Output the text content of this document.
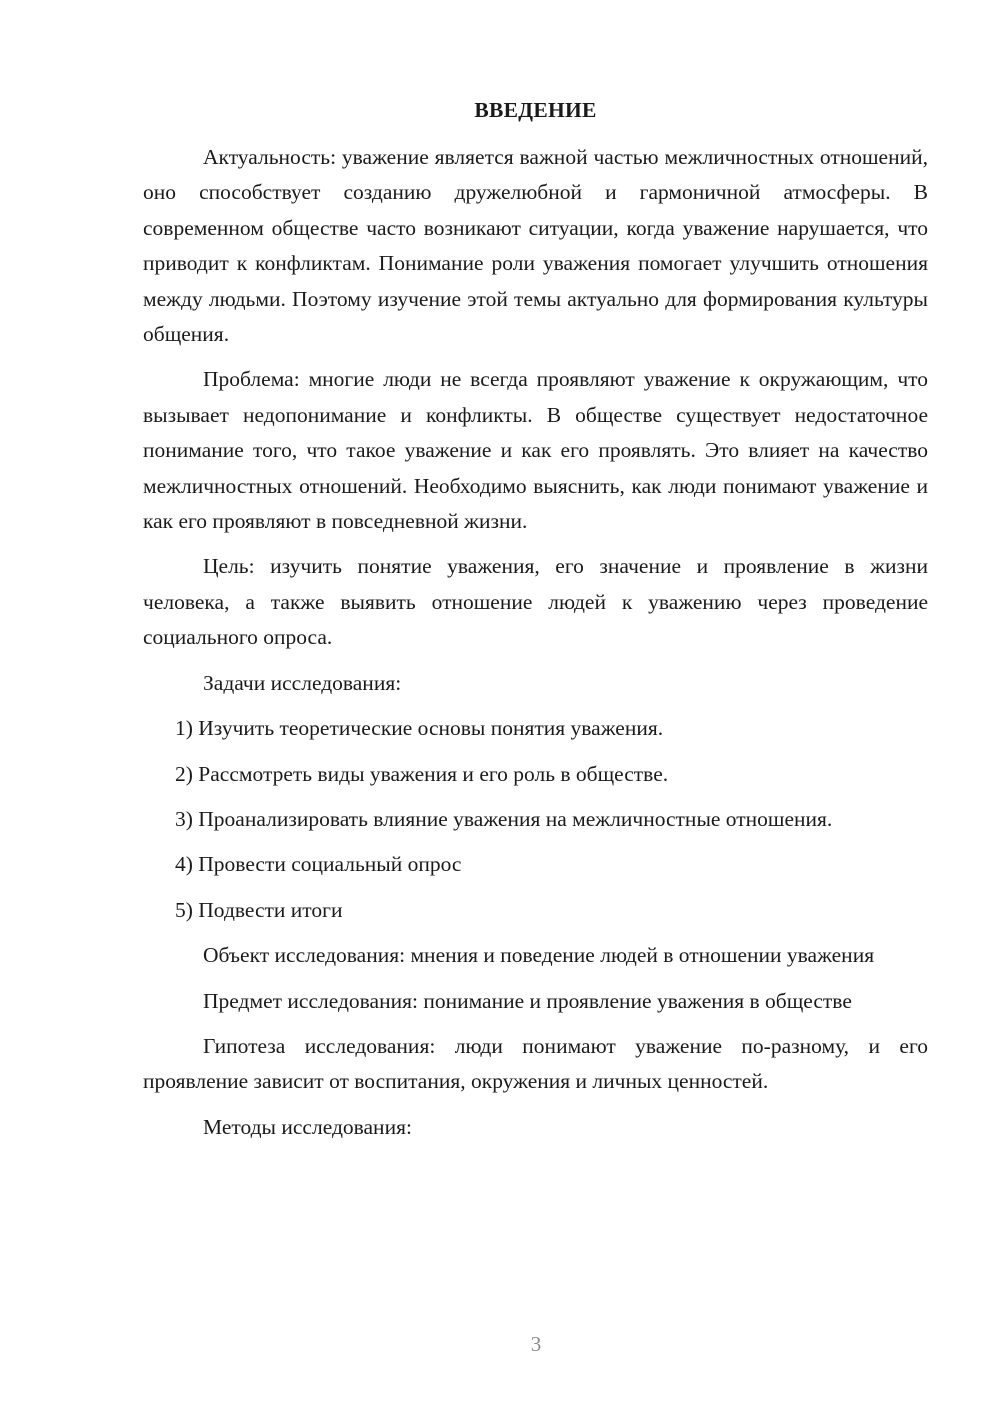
ВВЕДЕНИЕ

Актуальность: уважение является важной частью межличностных отношений, оно способствует созданию дружелюбной и гармоничной атмосферы. В современном обществе часто возникают ситуации, когда уважение нарушается, что приводит к конфликтам. Понимание роли уважения помогает улучшить отношения между людьми. Поэтому изучение этой темы актуально для формирования культуры общения.

Проблема: многие люди не всегда проявляют уважение к окружающим, что вызывает недопонимание и конфликты. В обществе существует недостаточное понимание того, что такое уважение и как его проявлять. Это влияет на качество межличностных отношений. Необходимо выяснить, как люди понимают уважение и как его проявляют в повседневной жизни.

Цель: изучить понятие уважения, его значение и проявление в жизни человека, а также выявить отношение людей к уважению через проведение социального опроса.

Задачи исследования:

1) Изучить теоретические основы понятия уважения.

2) Рассмотреть виды уважения и его роль в обществе.

3) Проанализировать влияние уважения на межличностные отношения.

4) Провести социальный опрос

5) Подвести итоги

Объект исследования: мнения и поведение людей в отношении уважения

Предмет исследования: понимание и проявление уважения в обществе

Гипотеза исследования: люди понимают уважение по-разному, и его проявление зависит от воспитания, окружения и личных ценностей.

Методы исследования:

3
